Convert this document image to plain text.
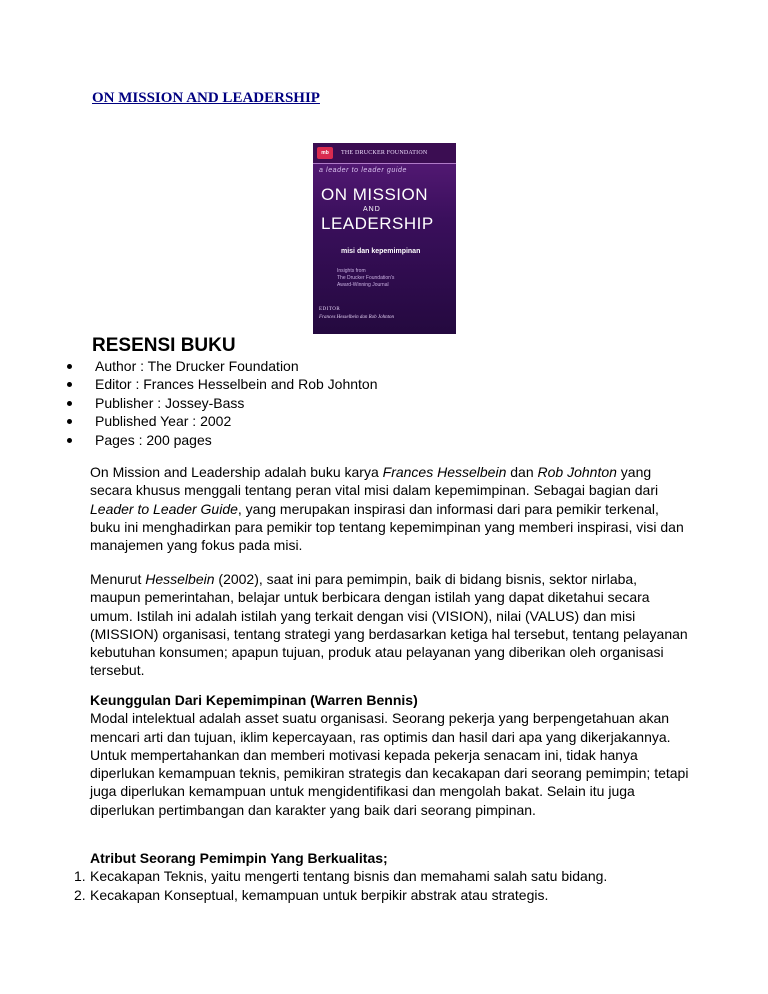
ON MISSION AND LEADERSHIP
mb	THE DRUCKER FOUNDATION
a leader to leader guide
ON MISSION
AND
LEADERSHIP
misi dan kepemimpinan
Insights from
The Drucker Foundation's
Award-Winning Journal
EDITOR
Frances Hesselbein dan Rob Johnton
RESENSI BUKU
Author : The Drucker Foundation
Editor : Frances Hesselbein and Rob Johnton
Publisher : Jossey-Bass
Published Year : 2002
Pages : 200 pages
On Mission and Leadership adalah buku karya Frances Hesselbein dan Rob Johnton yang secara khusus menggali tentang peran vital misi dalam kepemimpinan. Sebagai bagian dari Leader to Leader Guide, yang merupakan inspirasi dan informasi dari para pemikir terkenal, buku ini menghadirkan para pemikir top tentang kepemimpinan yang memberi inspirasi, visi dan manajemen yang fokus pada misi.
Menurut Hesselbein (2002), saat ini para pemimpin, baik di bidang bisnis, sektor nirlaba, maupun pemerintahan, belajar untuk berbicara dengan istilah yang dapat diketahui secara umum. Istilah ini adalah istilah yang terkait dengan visi (VISION), nilai (VALUS) dan misi (MISSION) organisasi, tentang strategi yang berdasarkan ketiga hal tersebut, tentang pelayanan kebutuhan konsumen; apapun tujuan, produk atau pelayanan yang diberikan oleh organisasi tersebut.

Keunggulan Dari Kepemimpinan (Warren Bennis)

Modal intelektual adalah asset suatu organisasi. Seorang pekerja yang berpengetahuan akan mencari arti dan tujuan, iklim kepercayaan, ras optimis dan hasil dari apa yang dikerjakannya. Untuk mempertahankan dan memberi motivasi kepada pekerja senacam ini, tidak hanya diperlukan kemampuan teknis, pemikiran strategis dan kecakapan dari seorang pemimpin; tetapi juga diperlukan kemampuan untuk mengidentifikasi dan mengolah bakat. Selain itu juga diperlukan pertimbangan dan karakter yang baik dari seorang pimpinan.

Atribut Seorang Pemimpin Yang Berkualitas;

1. Kecakapan Teknis, yaitu mengerti tentang bisnis dan memahami salah satu bidang.
2. Kecakapan Konseptual, kemampuan untuk berpikir abstrak atau strategis.
